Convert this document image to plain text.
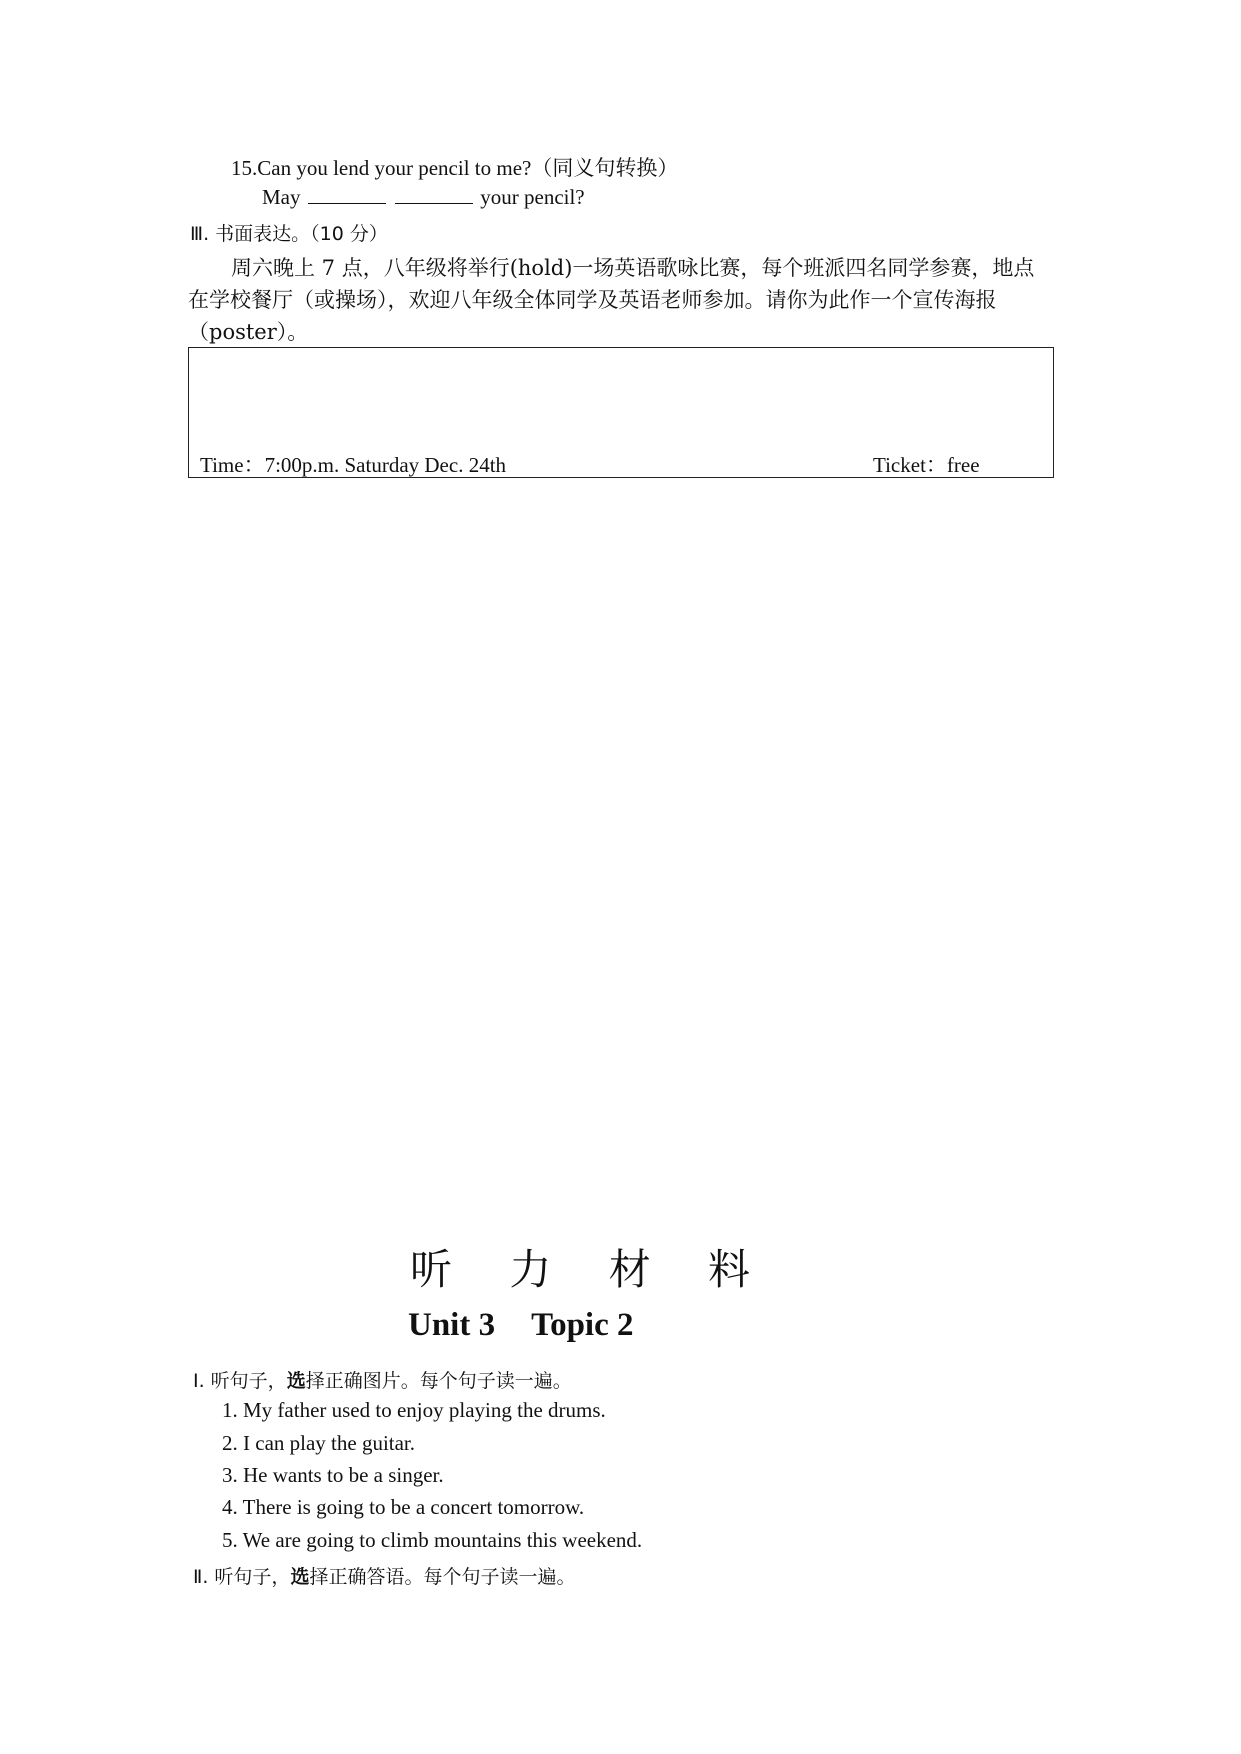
15.Can you lend your pencil to me?（同义句转换）
May	your pencil?
Ⅲ. 书面表达。（10 分）
周六晚上 7 点，八年级将举行(hold)一场英语歌咏比赛，每个班派四名同学参赛，地点
在学校餐厅（或操场），欢迎八年级全体同学及英语老师参加。请你为此作一个宣传海报
（poster）。
Time：7:00p.m. Saturday Dec. 24th	Ticket：free
听 力 材 料
Unit 3 Topic 2
Ⅰ. 听句子，选择正确图片。每个句子读一遍。
1. My father used to enjoy playing the drums.
2. I can play the guitar.
3. He wants to be a singer.
4. There is going to be a concert tomorrow.
5. We are going to climb mountains this weekend.
Ⅱ. 听句子，选择正确答语。每个句子读一遍。
